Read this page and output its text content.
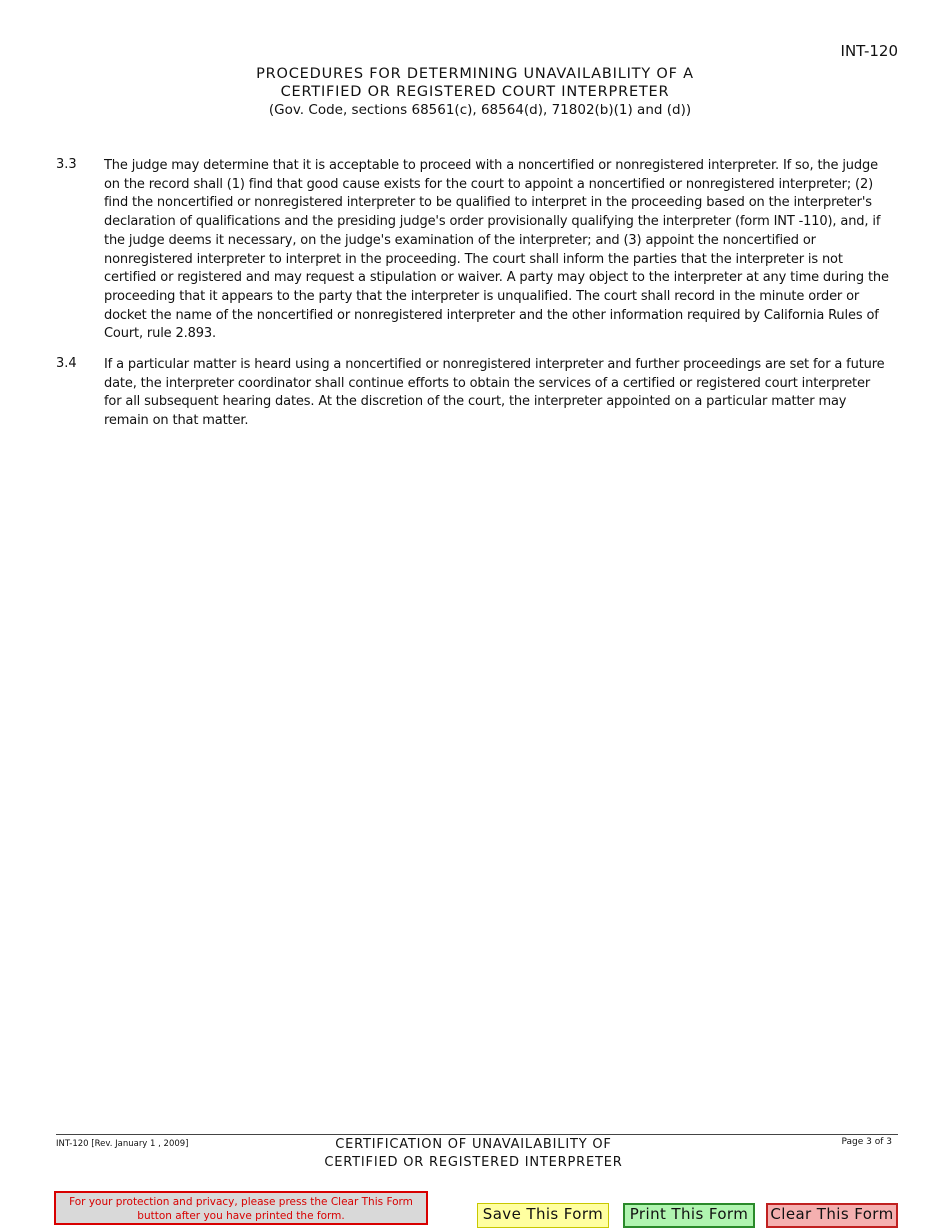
INT-120
PROCEDURES FOR DETERMINING UNAVAILABILITY OF A
CERTIFIED OR REGISTERED COURT INTERPRETER
(Gov. Code, sections 68561(c), 68564(d), 71802(b)(1) and (d))
3.3 The judge may determine that it is acceptable to proceed with a noncertified or nonregistered interpreter. If so, the judge on the record shall (1) find that good cause exists for the court to appoint a noncertified or nonregistered interpreter; (2) find the noncertified or nonregistered interpreter to be qualified to interpret in the proceeding based on the interpreter's declaration of qualifications and the presiding judge's order provisionally qualifying the interpreter (form INT -110), and, if the judge deems it necessary, on the judge's examination of the interpreter; and (3) appoint the noncertified or nonregistered interpreter to interpret in the proceeding. The court shall inform the parties that the interpreter is not certified or registered and may request a stipulation or waiver. A party may object to the interpreter at any time during the proceeding that it appears to the party that the interpreter is unqualified. The court shall record in the minute order or docket the name of the noncertified or nonregistered interpreter and the other information required by California Rules of Court, rule 2.893.
3.4 If a particular matter is heard using a noncertified or nonregistered interpreter and further proceedings are set for a future date, the interpreter coordinator shall continue efforts to obtain the services of a certified or registered court interpreter for all subsequent hearing dates. At the discretion of the court, the interpreter appointed on a particular matter may remain on that matter.
INT-120 [Rev. January 1 , 2009]	CERTIFICATION OF UNAVAILABILITY OF
CERTIFIED OR REGISTERED INTERPRETER
Page 3 of 3
For your protection and privacy, please press the Clear This Form button after you have printed the form.	Save This Form	Print This Form	Clear This Form
